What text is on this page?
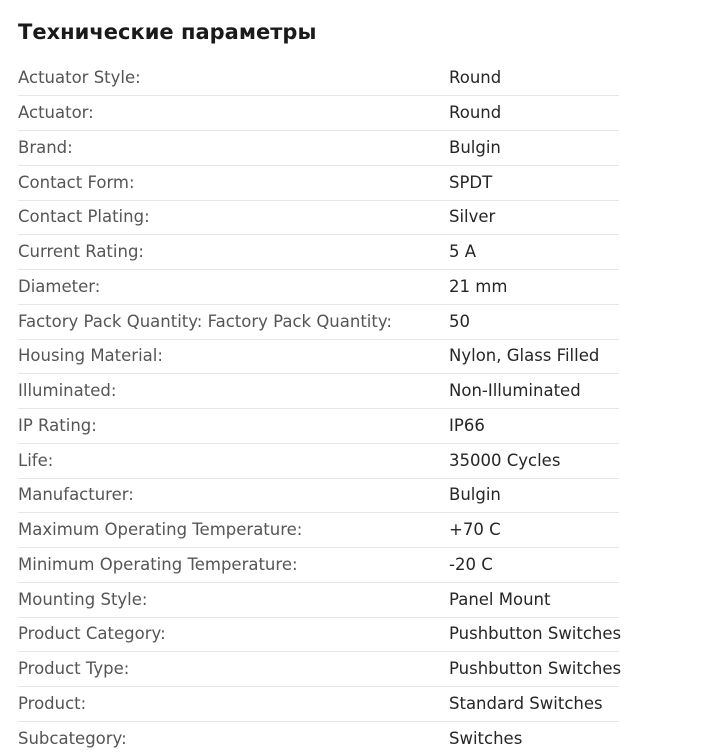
Технические параметры
Actuator Style:	Round
Actuator:	Round
Brand:	Bulgin
Contact Form:	SPDT
Contact Plating:	Silver
Current Rating:	5 A
Diameter:	21 mm
Factory Pack Quantity: Factory Pack Quantity:	50
Housing Material:	Nylon, Glass Filled
Illuminated:	Non-Illuminated
IP Rating:	IP66
Life:	35000 Cycles
Manufacturer:	Bulgin
Maximum Operating Temperature:	+70 C
Minimum Operating Temperature:	-20 C
Mounting Style:	Panel Mount
Product Category:	Pushbutton Switches
Product Type:	Pushbutton Switches
Product:	Standard Switches
Subcategory:	Switches
